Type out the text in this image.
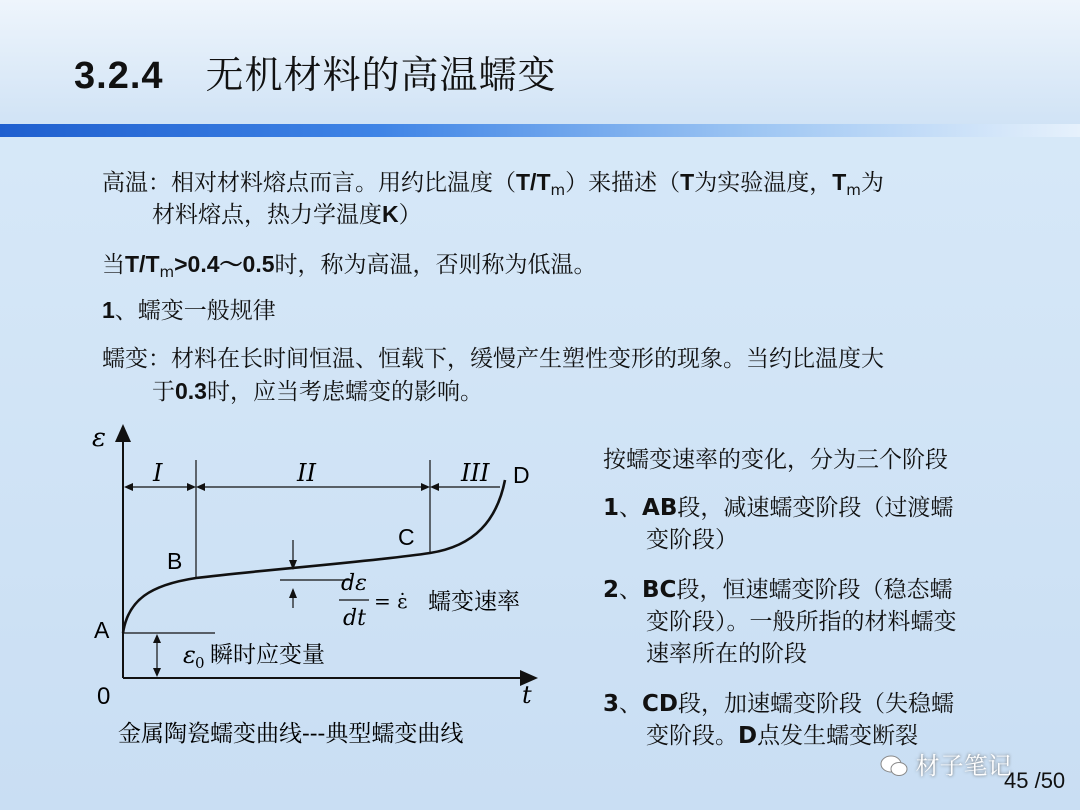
3.2.4 无机材料的高温蠕变
高温：相对材料熔点而言。用约比温度$(T/T_m)$来描述（T为实验温度，$T_m$为
材料熔点，热力学温度K）
当$T/T_m>0.4\sim 0.5$时，称为高温，否则称为低温。
1、蠕变一般规律
蠕变：材料在长时间恒温、恒载下，缓慢产生塑性变形的现象。当约比温度大
于0.3时，应当考虑蠕变的影响。
ε
t
0
I	II	III
A
B
C
D
dε
dt
= ε̇ 蠕变速率
ε 0 瞬时应变量
金属陶瓷蠕变曲线---典型蠕变曲线
按蠕变速率的变化，分为三个阶段
1、AB段，减速蠕变阶段（过渡蠕
变阶段）
2、BC段，恒速蠕变阶段（稳态蠕
变阶段）。一般所指的材料蠕变
速率所在的阶段
3、CD段，加速蠕变阶段（失稳蠕
变阶段。D点发生蠕变断裂
材子笔记
45 /50
